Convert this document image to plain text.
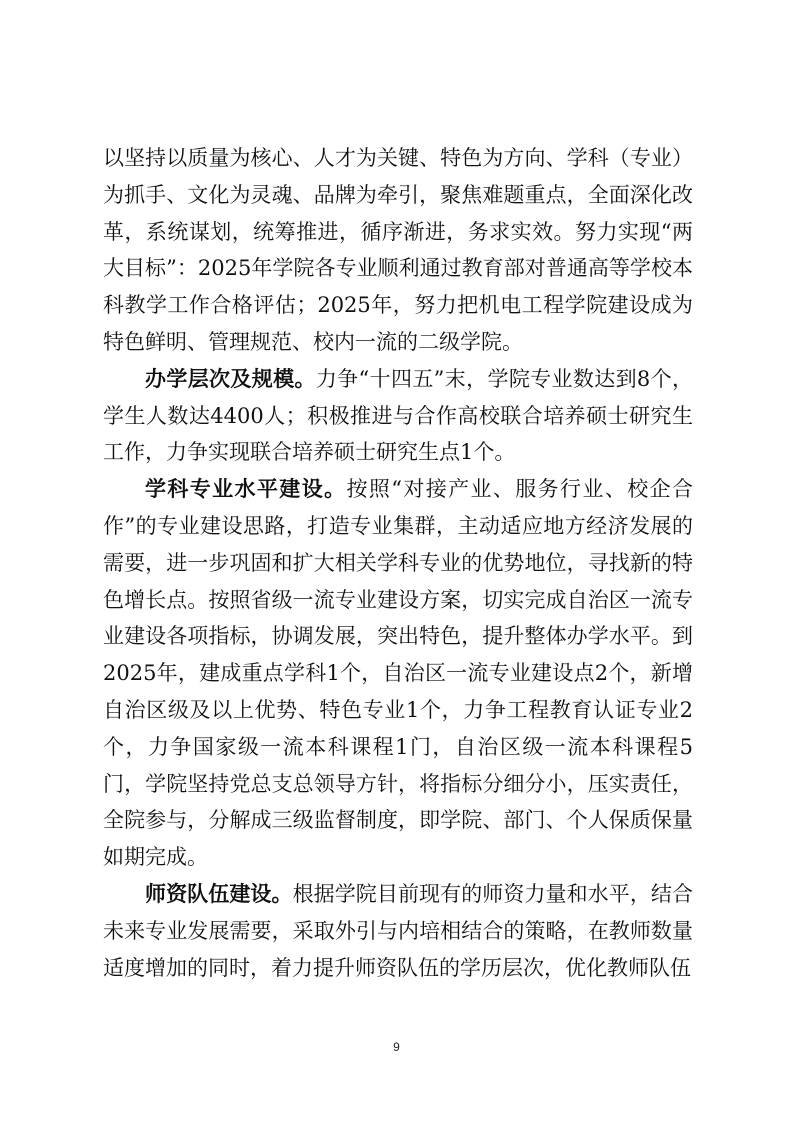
以坚持以质量为核心、人才为关键、特色为方向、学科（专业）为抓手、文化为灵魂、品牌为牵引，聚焦难题重点，全面深化改革，系统谋划，统筹推进，循序渐进，务求实效。努力实现“两大目标”：2025年学院各专业顺利通过教育部对普通高等学校本科教学工作合格评估；2025年，努力把机电工程学院建设成为特色鲜明、管理规范、校内一流的二级学院。

办学层次及规模。力争“十四五”末，学院专业数达到8个，学生人数达4400人；积极推进与合作高校联合培养硕士研究生工作，力争实现联合培养硕士研究生点1个。

学科专业水平建设。按照“对接产业、服务行业、校企合作”的专业建设思路，打造专业集群，主动适应地方经济发展的需要，进一步巩固和扩大相关学科专业的优势地位，寻找新的特色增长点。按照省级一流专业建设方案，切实完成自治区一流专业建设各项指标，协调发展，突出特色，提升整体办学水平。到2025年，建成重点学科1个，自治区一流专业建设点2个，新增自治区级及以上优势、特色专业1个，力争工程教育认证专业2个，力争国家级一流本科课程1门，自治区级一流本科课程5门，学院坚持党总支总领导方针，将指标分细分小，压实责任，全院参与，分解成三级监督制度，即学院、部门、个人保质保量如期完成。

师资队伍建设。根据学院目前现有的师资力量和水平，结合未来专业发展需要，采取外引与内培相结合的策略，在教师数量适度增加的同时，着力提升师资队伍的学历层次，优化教师队伍

9
